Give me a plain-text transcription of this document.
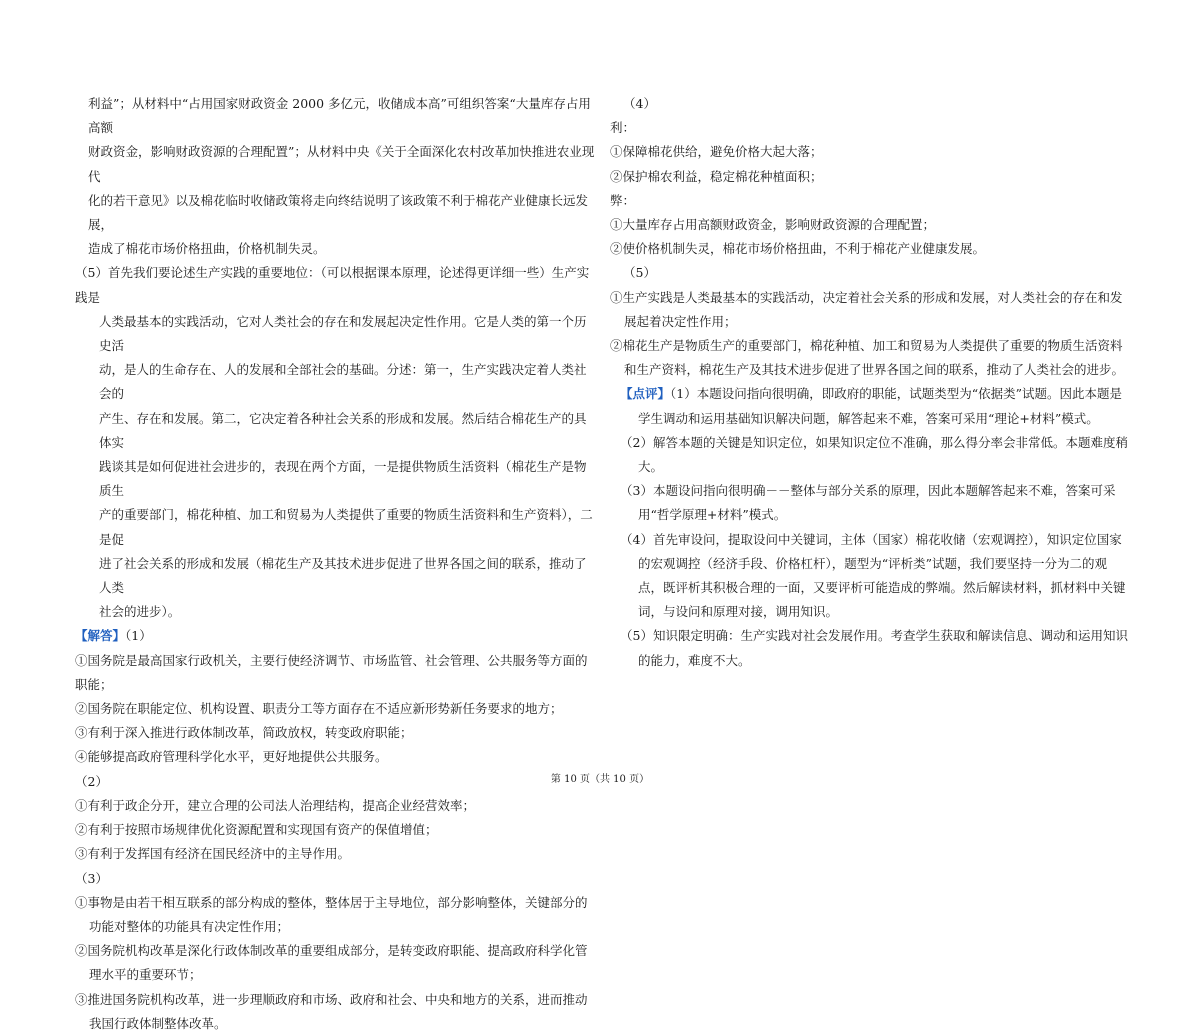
利益”；从材料中“占用国家财政资金 2000 多亿元，收储成本高”可组织答案“大量库存占用高额

财政资金，影响财政资源的合理配置”；从材料中央《关于全面深化农村改革加快推进农业现代

化的若干意见》以及棉花临时收储政策将走向终结说明了该政策不利于棉花产业健康长远发展，

造成了棉花市场价格扭曲，价格机制失灵。

（5）首先我们要论述生产实践的重要地位：（可以根据课本原理，论述得更详细一些）生产实践是

人类最基本的实践活动，它对人类社会的存在和发展起决定性作用。它是人类的第一个历史活

动，是人的生命存在、人的发展和全部社会的基础。分述：第一，生产实践决定着人类社会的

产生、存在和发展。第二，它决定着各种社会关系的形成和发展。然后结合棉花生产的具体实

践谈其是如何促进社会进步的，表现在两个方面，一是提供物质生活资料（棉花生产是物质生

产的重要部门，棉花种植、加工和贸易为人类提供了重要的物质生活资料和生产资料），二是促

进了社会关系的形成和发展（棉花生产及其技术进步促进了世界各国之间的联系，推动了人类

社会的进步）。

【解答】（1）

①国务院是最高国家行政机关，主要行使经济调节、市场监管、社会管理、公共服务等方面的职能；

②国务院在职能定位、机构设置、职责分工等方面存在不适应新形势新任务要求的地方；

③有利于深入推进行政体制改革，简政放权，转变政府职能；

④能够提高政府管理科学化水平，更好地提供公共服务。

（2）

①有利于政企分开，建立合理的公司法人治理结构，提高企业经营效率；

②有利于按照市场规律优化资源配置和实现国有资产的保值增值；

③有利于发挥国有经济在国民经济中的主导作用。

（3）

①事物是由若干相互联系的部分构成的整体，整体居于主导地位，部分影响整体，关键部分的功能对整体的功能具有决定性作用；

②国务院机构改革是深化行政体制改革的重要组成部分，是转变政府职能、提高政府科学化管理水平的重要环节；

③推进国务院机构改革，进一步理顺政府和市场、政府和社会、中央和地方的关系，进而推动我国行政体制整体改革。

（4）

利：

①保障棉花供给，避免价格大起大落；

②保护棉农利益，稳定棉花种植面积；

弊：

①大量库存占用高额财政资金，影响财政资源的合理配置；

②使价格机制失灵，棉花市场价格扭曲，不利于棉花产业健康发展。

（5）

①生产实践是人类最基本的实践活动，决定着社会关系的形成和发展，对人类社会的存在和发展起着决定性作用；

②棉花生产是物质生产的重要部门，棉花种植、加工和贸易为人类提供了重要的物质生活资料和生产资料，棉花生产及其技术进步促进了世界各国之间的联系，推动了人类社会的进步。

【点评】（1）本题设问指向很明确，即政府的职能，试题类型为“依据类”试题。因此本题是学生调动和运用基础知识解决问题，解答起来不难，答案可采用“理论+材料”模式。

（2）解答本题的关键是知识定位，如果知识定位不准确，那么得分率会非常低。本题难度稍大。

（3）本题设问指向很明确－－整体与部分关系的原理，因此本题解答起来不难，答案可采用“哲学原理+材料”模式。

（4）首先审设问，提取设问中关键词，主体（国家）棉花收储（宏观调控），知识定位国家的宏观调控（经济手段、价格杠杆），题型为“评析类”试题，我们要坚持一分为二的观点，既评析其积极合理的一面，又要评析可能造成的弊端。然后解读材料，抓材料中关键词，与设问和原理对接，调用知识。

（5）知识限定明确：生产实践对社会发展作用。考查学生获取和解读信息、调动和运用知识的能力，难度不大。

第 10 页（共 10 页）
